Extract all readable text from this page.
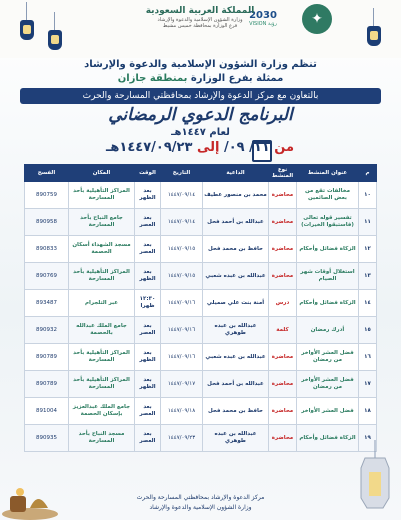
2030
VISION رؤية
المملكة العربية السعودية
وزارة الشؤون الإسلامية والدعوة والإرشاد
فرع الوزارة بمحافظة خميس مشيط	✦
تنظم وزارة الشؤون الإسلامية والدعوة والإرشاد
ممثلة بفرع الوزارة بمنطقة جازان
بالتعاون مع مركز الدعوة والإرشاد بمحافظتي المسارحة والحرث
البرنامج الدعوي الرمضاني
لعام ١٤٤٧هـ
من ١١/ ٠٩/ إلى ١٤٤٧/٠٩/٢٣هـ
م	عنوان المنشط	نوع المنشط	الداعية	التاريخ	الوقت	المكان	الفسح
١٠	مخالفات تقع من بعض الصائمين	محاضرة	محمد بن منصور عطيف	١٤٤٧/٠٩/١٤	بعد الظهر	المراكز التأهيلية بأحد المسارحة	890759
١١	تفسير قوله تعالى (فاستبقوا الخيرات)	محاضرة	عبدالله بن أحمد فحل	١٤٤٧/٠٩/١٤	بعد العصر	جامع النباح بأحد المسارحة	890958
١٢	الزكاة فضائل وأحكام	محاضرة	حافظ بن محمد فحل	١٤٤٧/٠٩/١٥	بعد العصر	مسجد الشهداء أسكان الحصمة	890833
١٣	استغلال أوقات شهر الصيام	محاضرة	عبدالله بن عبده شعبي	١٤٤٧/٠٩/١٥	بعد الظهر	المراكز التأهيلية بأحد المسارحة	890769
١٤	الزكاة فضائل وأحكام	درس	أمنة بنت علي صميلي	١٤٤٧/٠٩/١٦	١٢:٣٠ ظهرا	عبر التلجرام	893487
١٥	أدرك رمضان	كلمة	عبدالله بن عبده طوهري	١٤٤٧/٠٩/١٦	بعد العصر	جامع الملك عبدالله بالحصمة	890932
١٦	فضل العشر الأواخر من رمضان	محاضرة	عبدالله بن عبده شعبي	١٤٤٧/٠٩/١٦	بعد الظهر	المراكز التأهيلية بأحد المسارحة	890789
١٧	فضل العشر الأواخر من رمضان	محاضرة	عبدالله بن أحمد فحل	١٤٤٧/٠٩/١٧	بعد الظهر	المراكز التأهيلية بأحد المسارحة	890789
١٨	فضل العشر الأواخر	محاضرة	حافظ بن محمد فحل	١٤٤٧/٠٩/١٨	بعد العصر	جامع الملك عبدالعزيز بإسكان الحصمة	891004
١٩	الزكاة فضائل وأحكام	محاضرة	عبدالله بن عبده طوهري	١٤٤٧/٠٩/٢٣	بعد العصر	مسجد النباح بأحد المسارحة	890935
مركز الدعوة والإرشاد بمحافظتي المسارحة والحرث
وزارة الشؤون الإسلامية والدعوة والإرشاد
